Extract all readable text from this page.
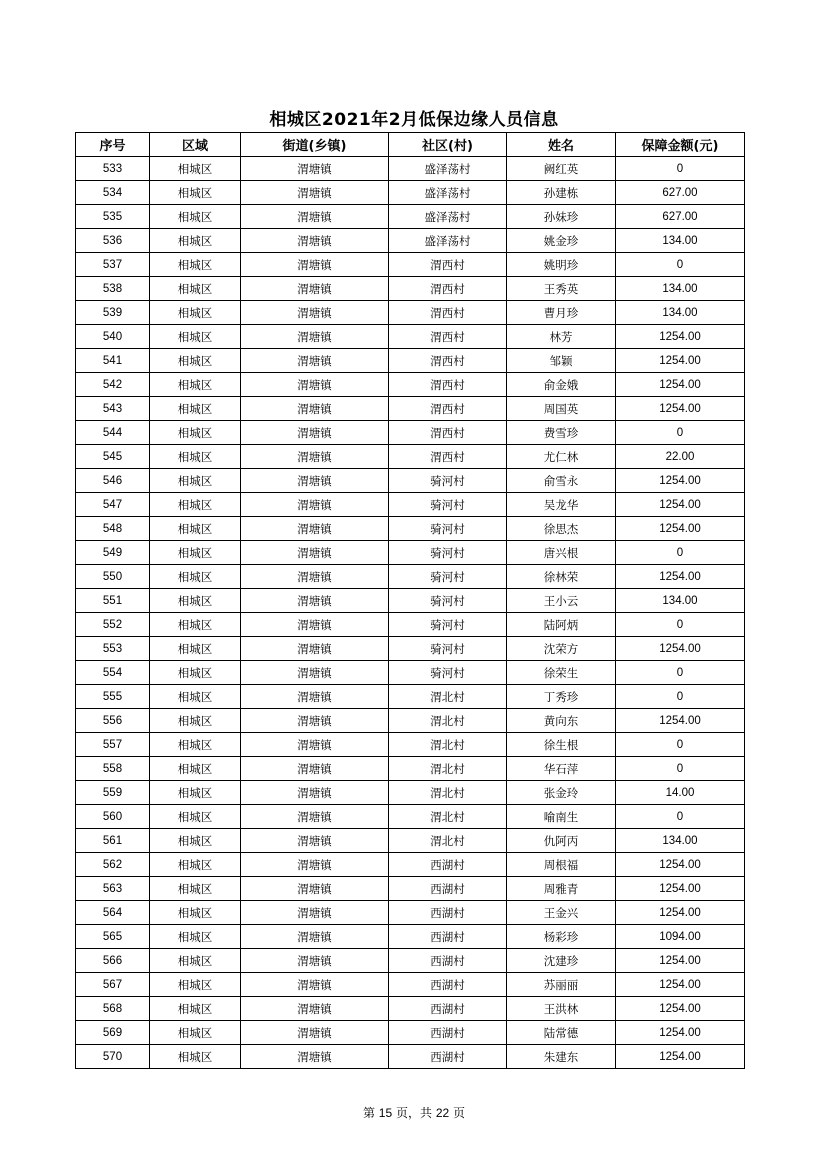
相城区2021年2月低保边缘人员信息
序号	区域	街道(乡镇)	社区(村)	姓名	保障金额(元)
533	相城区	渭塘镇	盛泽荡村	阙红英	0
534	相城区	渭塘镇	盛泽荡村	孙建栋	627.00
535	相城区	渭塘镇	盛泽荡村	孙妹珍	627.00
536	相城区	渭塘镇	盛泽荡村	姚金珍	134.00
537	相城区	渭塘镇	渭西村	姚明珍	0
538	相城区	渭塘镇	渭西村	王秀英	134.00
539	相城区	渭塘镇	渭西村	曹月珍	134.00
540	相城区	渭塘镇	渭西村	林芳	1254.00
541	相城区	渭塘镇	渭西村	邹颖	1254.00
542	相城区	渭塘镇	渭西村	俞金娥	1254.00
543	相城区	渭塘镇	渭西村	周国英	1254.00
544	相城区	渭塘镇	渭西村	费雪珍	0
545	相城区	渭塘镇	渭西村	尤仁林	22.00
546	相城区	渭塘镇	骑河村	俞雪永	1254.00
547	相城区	渭塘镇	骑河村	吴龙华	1254.00
548	相城区	渭塘镇	骑河村	徐思杰	1254.00
549	相城区	渭塘镇	骑河村	唐兴根	0
550	相城区	渭塘镇	骑河村	徐林荣	1254.00
551	相城区	渭塘镇	骑河村	王小云	134.00
552	相城区	渭塘镇	骑河村	陆阿炳	0
553	相城区	渭塘镇	骑河村	沈荣方	1254.00
554	相城区	渭塘镇	骑河村	徐荣生	0
555	相城区	渭塘镇	渭北村	丁秀珍	0
556	相城区	渭塘镇	渭北村	黄向东	1254.00
557	相城区	渭塘镇	渭北村	徐生根	0
558	相城区	渭塘镇	渭北村	华石萍	0
559	相城区	渭塘镇	渭北村	张金玲	14.00
560	相城区	渭塘镇	渭北村	喻南生	0
561	相城区	渭塘镇	渭北村	仇阿丙	134.00
562	相城区	渭塘镇	西湖村	周根福	1254.00
563	相城区	渭塘镇	西湖村	周雅青	1254.00
564	相城区	渭塘镇	西湖村	王金兴	1254.00
565	相城区	渭塘镇	西湖村	杨彩珍	1094.00
566	相城区	渭塘镇	西湖村	沈建珍	1254.00
567	相城区	渭塘镇	西湖村	苏丽丽	1254.00
568	相城区	渭塘镇	西湖村	王洪林	1254.00
569	相城区	渭塘镇	西湖村	陆常德	1254.00
570	相城区	渭塘镇	西湖村	朱建东	1254.00
第 15 页，共 22 页
